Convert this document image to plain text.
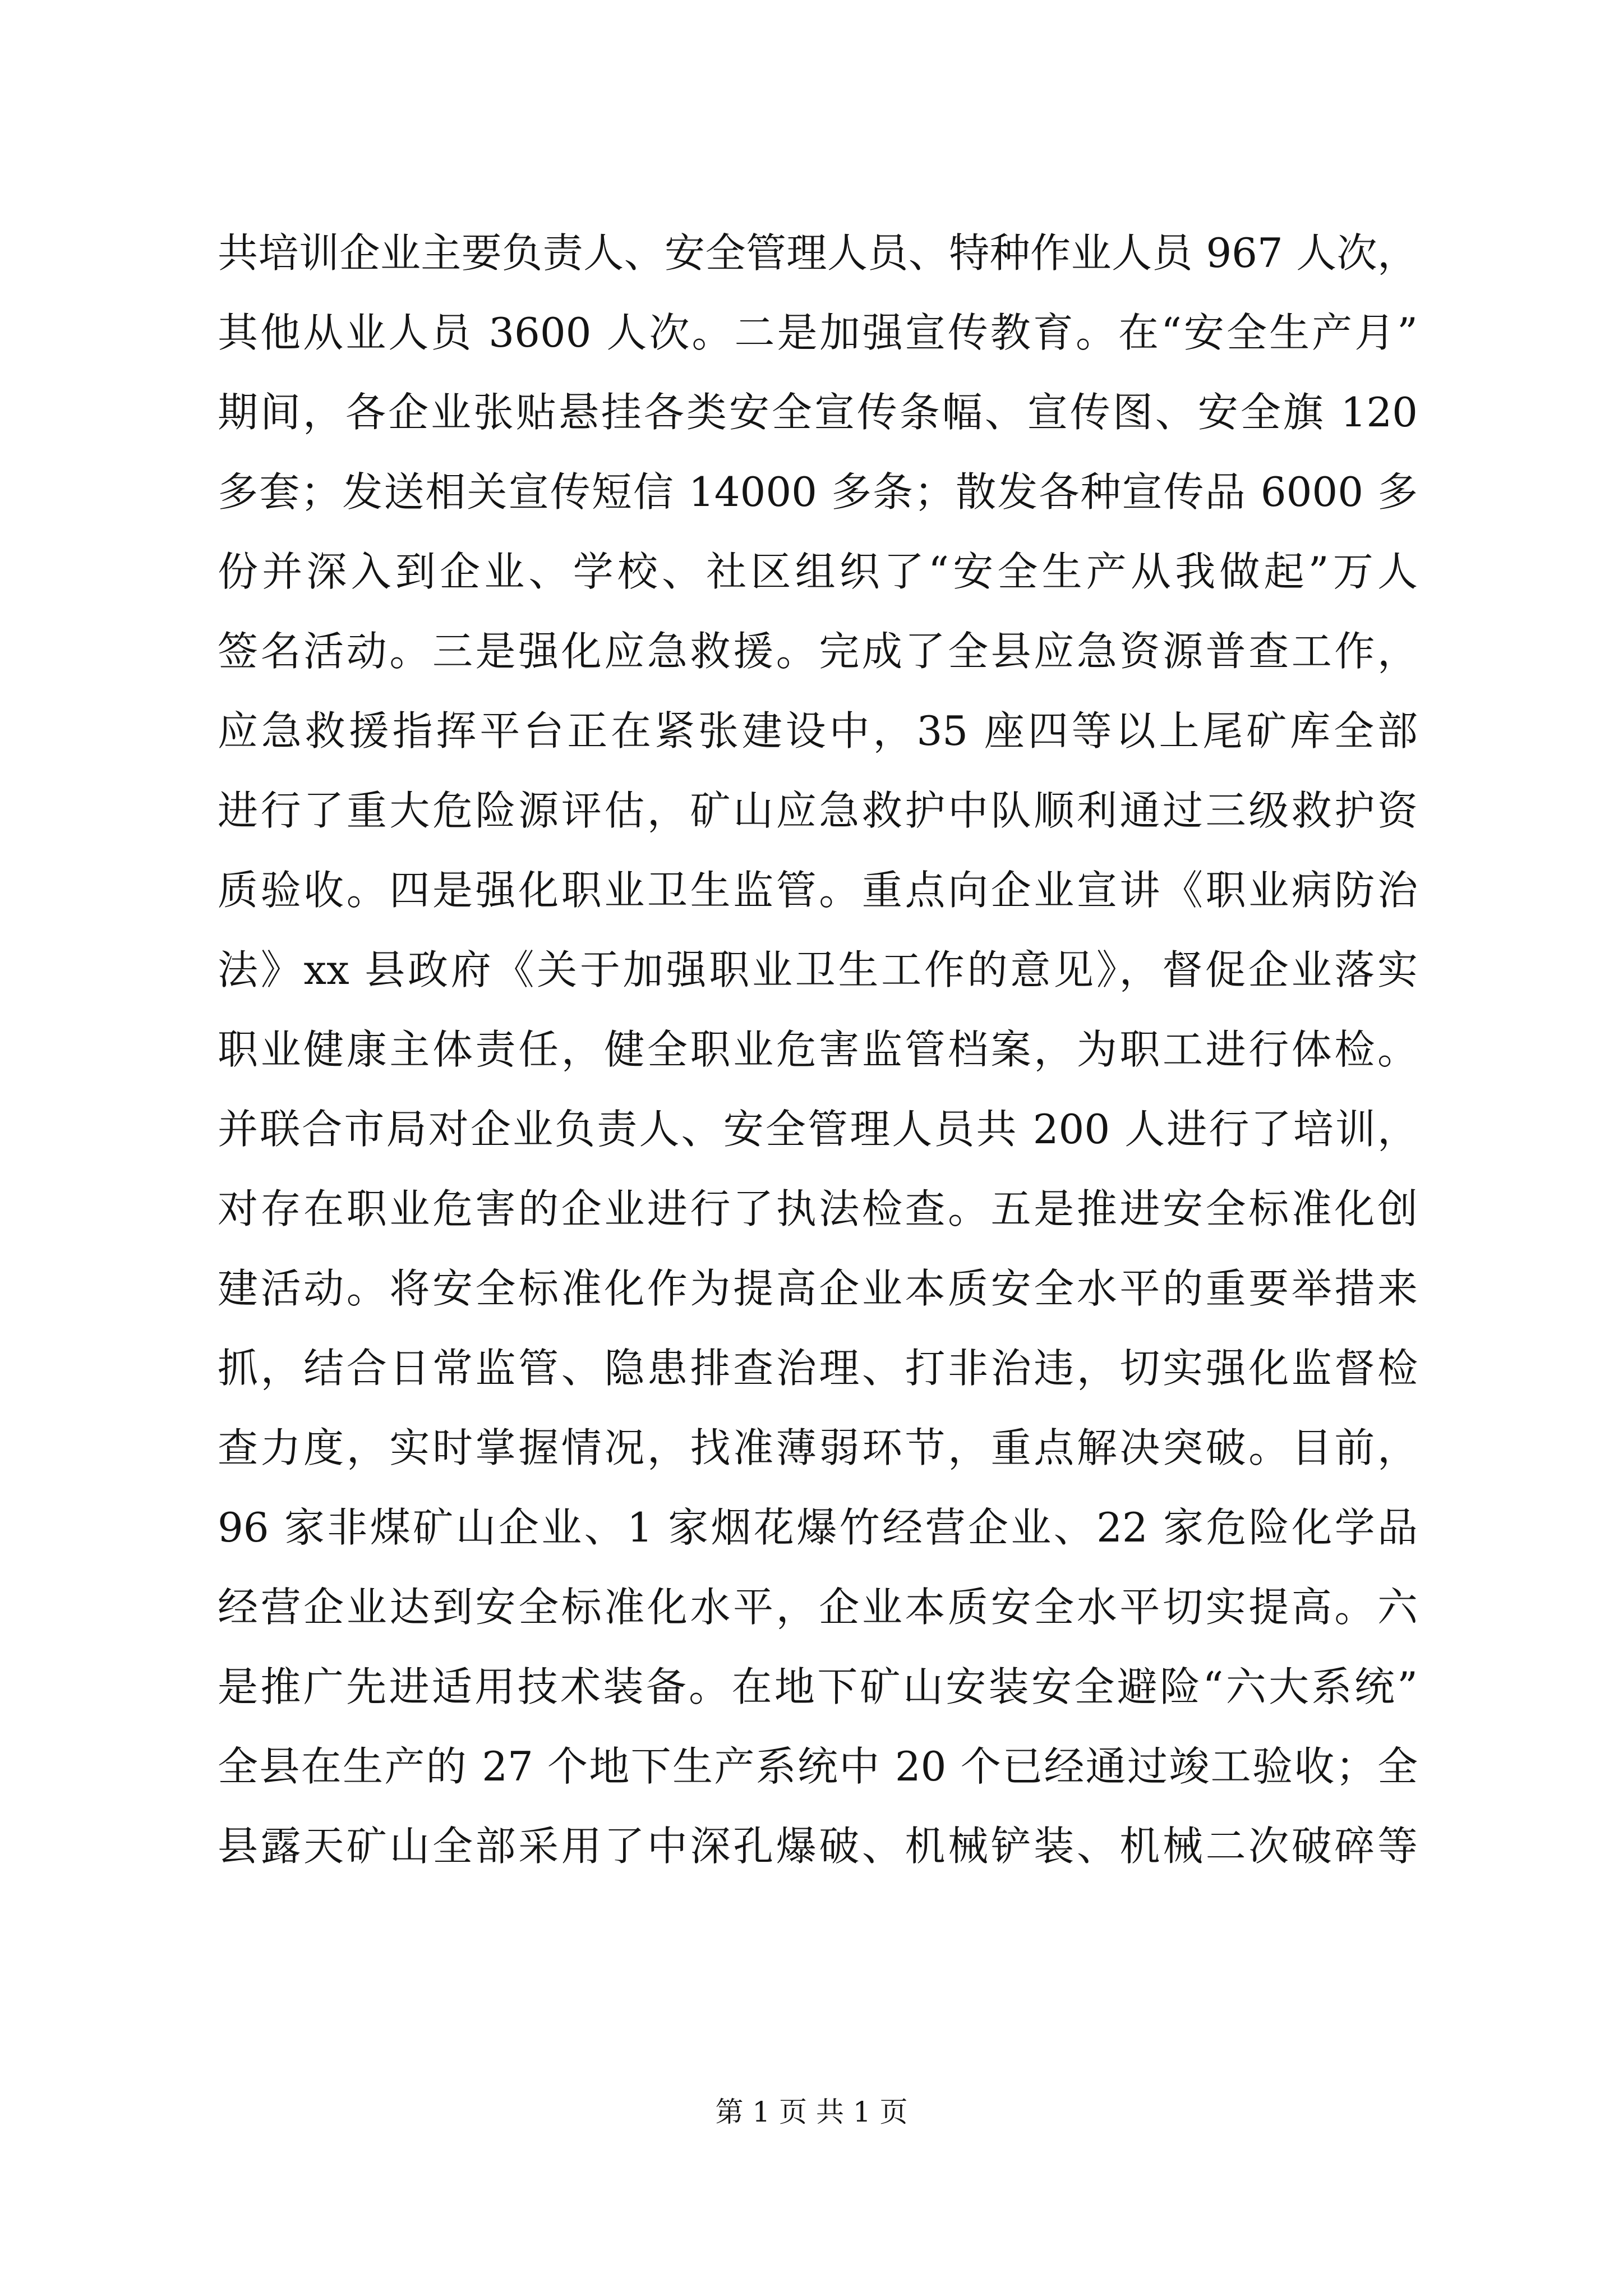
共培训企业主要负责人、安全管理人员、特种作业人员 967 人次，
其他从业人员 3600 人次。二是加强宣传教育。在“安全生产月”
期间，各企业张贴悬挂各类安全宣传条幅、宣传图、安全旗 120
多套；发送相关宣传短信 14000 多条；散发各种宣传品 6000 多
份并深入到企业、学校、社区组织了“安全生产从我做起”万人
签名活动。三是强化应急救援。完成了全县应急资源普查工作，
应急救援指挥平台正在紧张建设中，35 座四等以上尾矿库全部
进行了重大危险源评估，矿山应急救护中队顺利通过三级救护资
质验收。四是强化职业卫生监管。重点向企业宣讲《职业病防治
法》xx 县政府《关于加强职业卫生工作的意见》，督促企业落实
职业健康主体责任，健全职业危害监管档案，为职工进行体检。
并联合市局对企业负责人、安全管理人员共 200 人进行了培训，
对存在职业危害的企业进行了执法检查。五是推进安全标准化创
建活动。将安全标准化作为提高企业本质安全水平的重要举措来
抓，结合日常监管、隐患排查治理、打非治违，切实强化监督检
查力度，实时掌握情况，找准薄弱环节，重点解决突破。目前，
96 家非煤矿山企业、1 家烟花爆竹经营企业、22 家危险化学品
经营企业达到安全标准化水平，企业本质安全水平切实提高。六
是推广先进适用技术装备。在地下矿山安装安全避险“六大系统”
全县在生产的 27 个地下生产系统中 20 个已经通过竣工验收；全
县露天矿山全部采用了中深孔爆破、机械铲装、机械二次破碎等
第 1 页 共 1 页
